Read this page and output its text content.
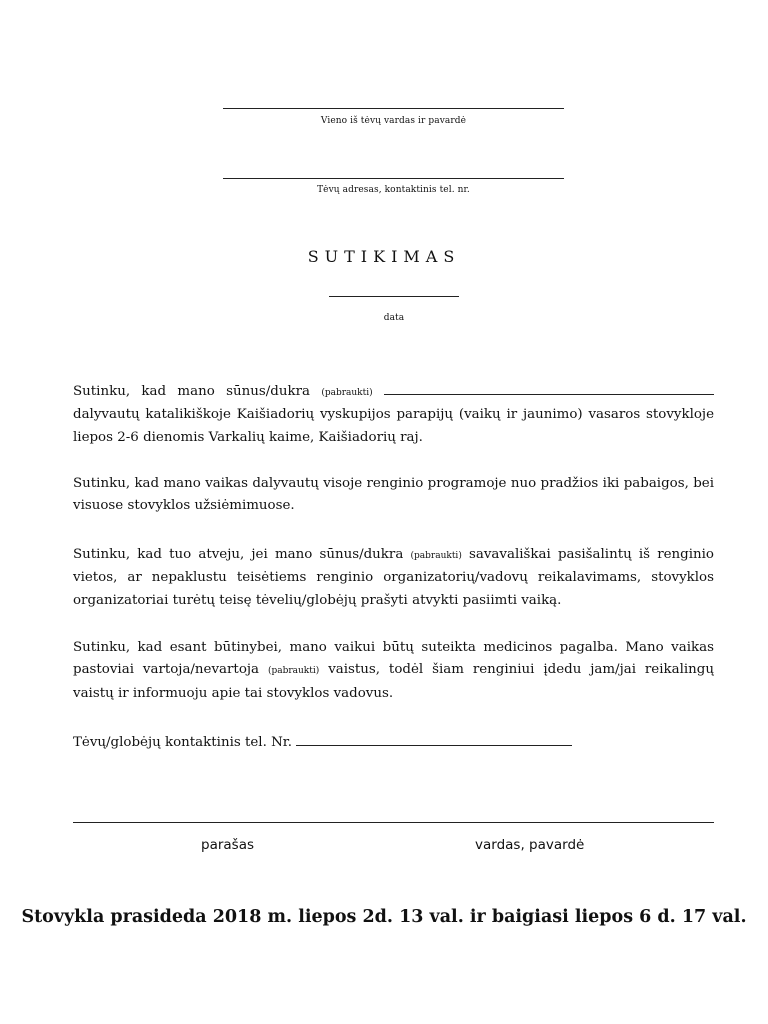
Vieno iš tėvų vardas ir pavardė
Tėvų adresas, kontaktinis tel. nr.
SUTIKIMAS
data
Sutinku, kad mano sūnus/dukra (pabraukti)  dalyvautų katalikiškoje Kaišiadorių vyskupijos parapijų (vaikų ir jaunimo) vasaros stovykloje liepos 2-6 dienomis Varkalių kaime, Kaišiadorių raj.
Sutinku, kad mano vaikas dalyvautų visoje renginio programoje nuo pradžios iki pabaigos, bei visuose stovyklos užsiėmimuose.
Sutinku, kad tuo atveju, jei mano sūnus/dukra (pabraukti) savavališkai pasišalintų iš renginio vietos, ar nepaklustu teisėtiems renginio organizatorių/vadovų reikalavimams, stovyklos organizatoriai turėtų teisę tėvelių/globėjų prašyti atvykti pasiimti vaiką.
Sutinku, kad esant būtinybei, mano vaikui būtų suteikta medicinos pagalba. Mano vaikas pastoviai vartoja/nevartoja (pabraukti) vaistus, todėl šiam renginiui įdedu jam/jai reikalingų vaistų ir informuoju apie tai stovyklos vadovus.
Tėvų/globėjų kontaktinis tel. Nr.
parašas	vardas, pavardė
Stovykla prasideda 2018 m. liepos 2d. 13 val. ir baigiasi liepos 6 d. 17 val.
